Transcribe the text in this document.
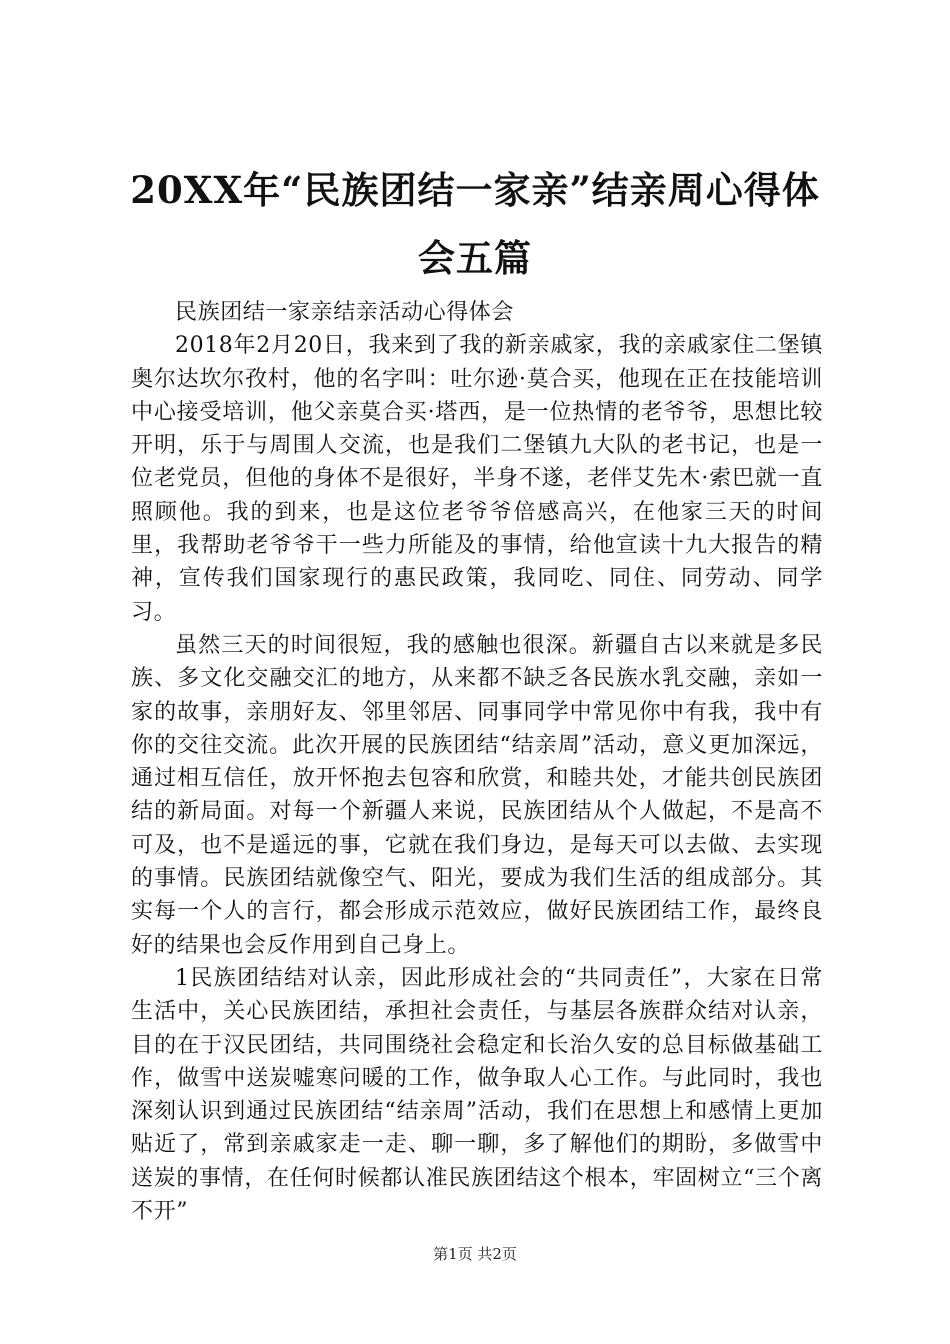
20XX年“民族团结一家亲”结亲周心得体会五篇

民族团结一家亲结亲活动心得体会

2018年2月20日，我来到了我的新亲戚家，我的亲戚家住二堡镇奥尔达坎尔孜村，他的名字叫：吐尔逊·莫合买，他现在正在技能培训中心接受培训，他父亲莫合买·塔西，是一位热情的老爷爷，思想比较开明，乐于与周围人交流，也是我们二堡镇九大队的老书记，也是一位老党员，但他的身体不是很好，半身不遂，老伴艾先木·索巴就一直照顾他。我的到来，也是这位老爷爷倍感高兴，在他家三天的时间里，我帮助老爷爷干一些力所能及的事情，给他宣读十九大报告的精神，宣传我们国家现行的惠民政策，我同吃、同住、同劳动、同学习。

虽然三天的时间很短，我的感触也很深。新疆自古以来就是多民族、多文化交融交汇的地方，从来都不缺乏各民族水乳交融，亲如一家的故事，亲朋好友、邻里邻居、同事同学中常见你中有我，我中有你的交往交流。此次开展的民族团结“结亲周”活动，意义更加深远，通过相互信任，放开怀抱去包容和欣赏，和睦共处，才能共创民族团结的新局面。对每一个新疆人来说，民族团结从个人做起，不是高不可及，也不是遥远的事，它就在我们身边，是每天可以去做、去实现的事情。民族团结就像空气、阳光，要成为我们生活的组成部分。其实每一个人的言行，都会形成示范效应，做好民族团结工作，最终良好的结果也会反作用到自己身上。

1民族团结结对认亲，因此形成社会的“共同责任”，大家在日常生活中，关心民族团结，承担社会责任，与基层各族群众结对认亲，目的在于汉民团结，共同围绕社会稳定和长治久安的总目标做基础工作，做雪中送炭嘘寒问暖的工作，做争取人心工作。与此同时，我也深刻认识到通过民族团结“结亲周”活动，我们在思想上和感情上更加贴近了，常到亲戚家走一走、聊一聊，多了解他们的期盼，多做雪中送炭的事情，在任何时候都认准民族团结这个根本，牢固树立“三个离不开”

第1页 共2页
